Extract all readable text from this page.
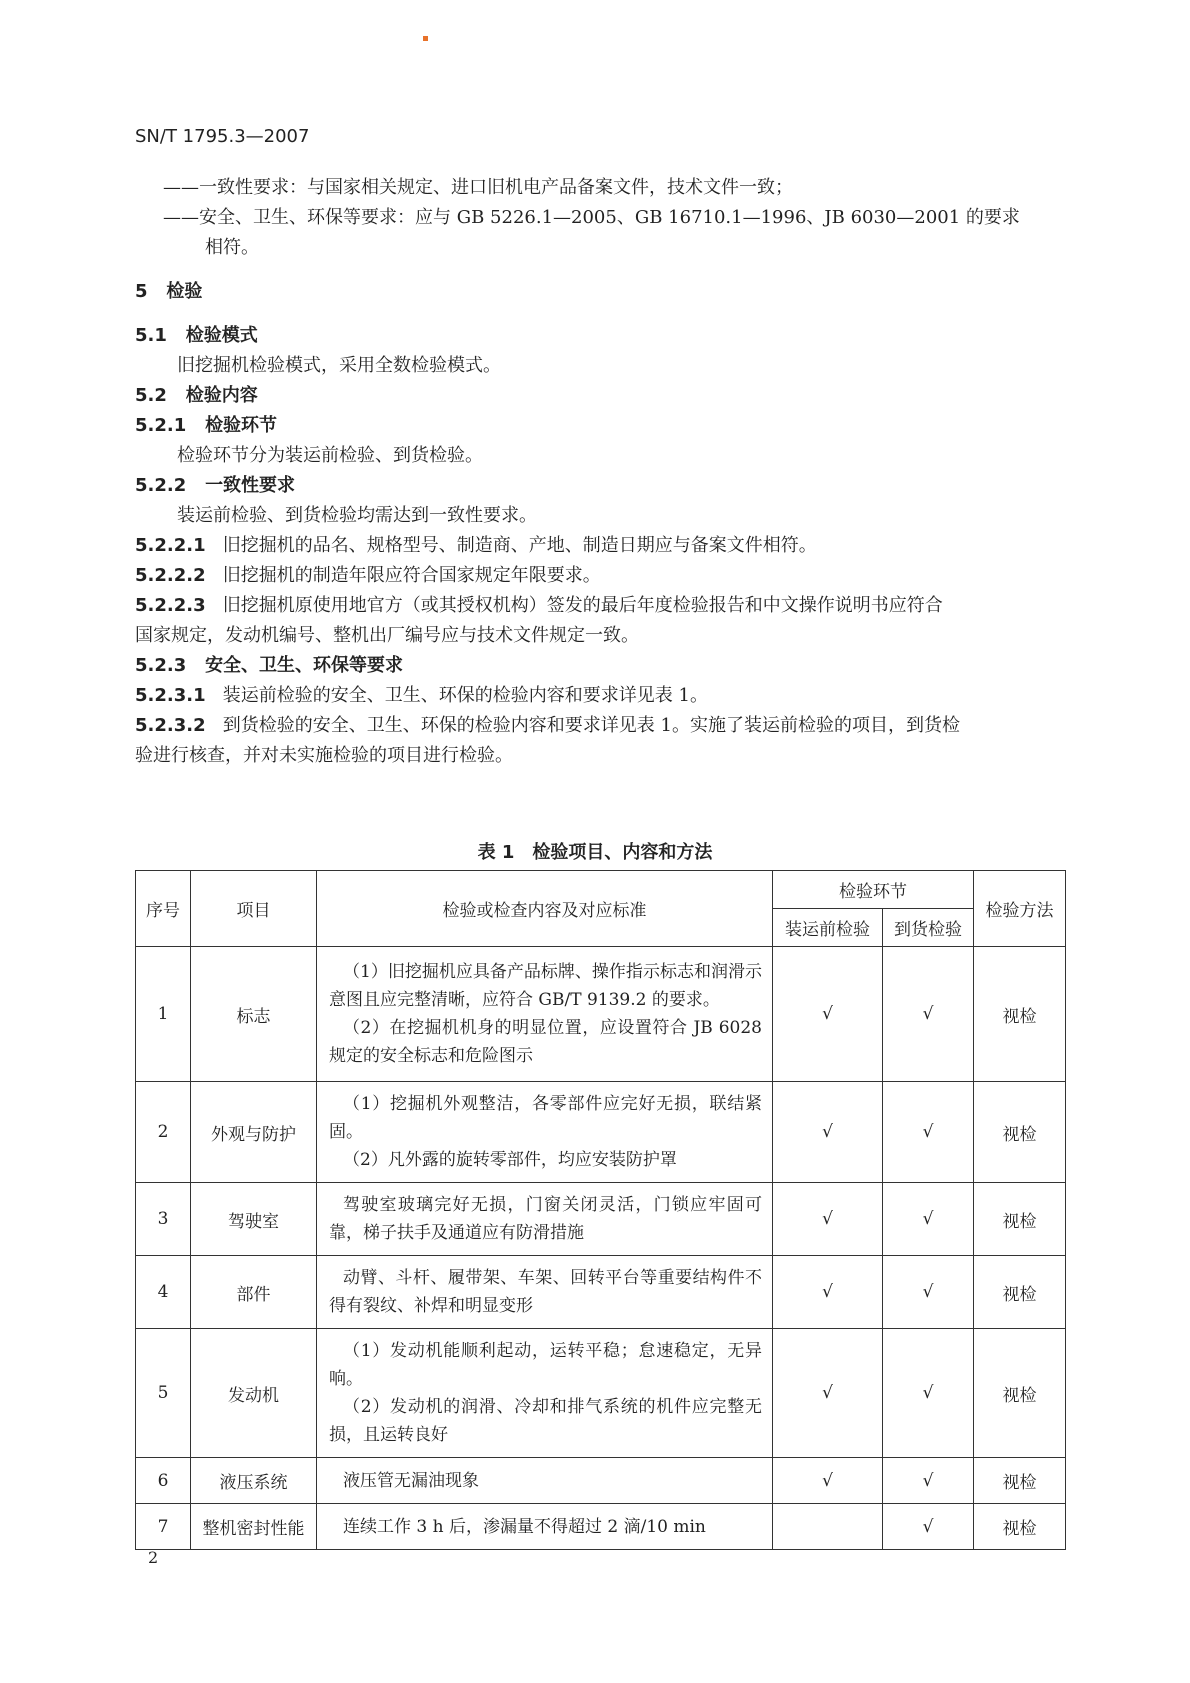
SN/T 1795.3—2007
——一致性要求：与国家相关规定、进口旧机电产品备案文件，技术文件一致；
——安全、卫生、环保等要求：应与 GB 5226.1—2005、GB 16710.1—1996、JB 6030—2001 的要求
相符。
5 检验
5.1 检验模式
旧挖掘机检验模式，采用全数检验模式。
5.2 检验内容
5.2.1 检验环节
检验环节分为装运前检验、到货检验。
5.2.2 一致性要求
装运前检验、到货检验均需达到一致性要求。
5.2.2.1 旧挖掘机的品名、规格型号、制造商、产地、制造日期应与备案文件相符。
5.2.2.2 旧挖掘机的制造年限应符合国家规定年限要求。
5.2.2.3 旧挖掘机原使用地官方（或其授权机构）签发的最后年度检验报告和中文操作说明书应符合
国家规定，发动机编号、整机出厂编号应与技术文件规定一致。
5.2.3 安全、卫生、环保等要求
5.2.3.1 装运前检验的安全、卫生、环保的检验内容和要求详见表 1。
5.2.3.2 到货检验的安全、卫生、环保的检验内容和要求详见表 1。实施了装运前检验的项目，到货检
验进行核查，并对未实施检验的项目进行检验。
表 1　检验项目、内容和方法
序号	项目	检验或检查内容及对应标准	检验环节		检验方法
			装运前检验	到货检验	
1	标志	（1）旧挖掘机应具备产品标牌、操作指示标志和润滑示意图且应完整清晰，应符合 GB/T 9139.2 的要求。
（2）在挖掘机机身的明显位置，应设置符合 JB 6028 规定的安全标志和危险图示	√	√	视检
2	外观与防护	（1）挖掘机外观整洁，各零部件应完好无损，联结紧固。
（2）凡外露的旋转零部件，均应安装防护罩	√	√	视检
3	驾驶室	驾驶室玻璃完好无损，门窗关闭灵活，门锁应牢固可靠，梯子扶手及通道应有防滑措施	√	√	视检
4	部件	动臂、斗杆、履带架、车架、回转平台等重要结构件不得有裂纹、补焊和明显变形	√	√	视检
5	发动机	（1）发动机能顺利起动，运转平稳；怠速稳定，无异响。
（2）发动机的润滑、冷却和排气系统的机件应完整无损，且运转良好	√	√	视检
6	液压系统	液压管无漏油现象	√	√	视检
7	整机密封性能	连续工作 3 h 后，渗漏量不得超过 2 滴/10 min		√	视检
2
